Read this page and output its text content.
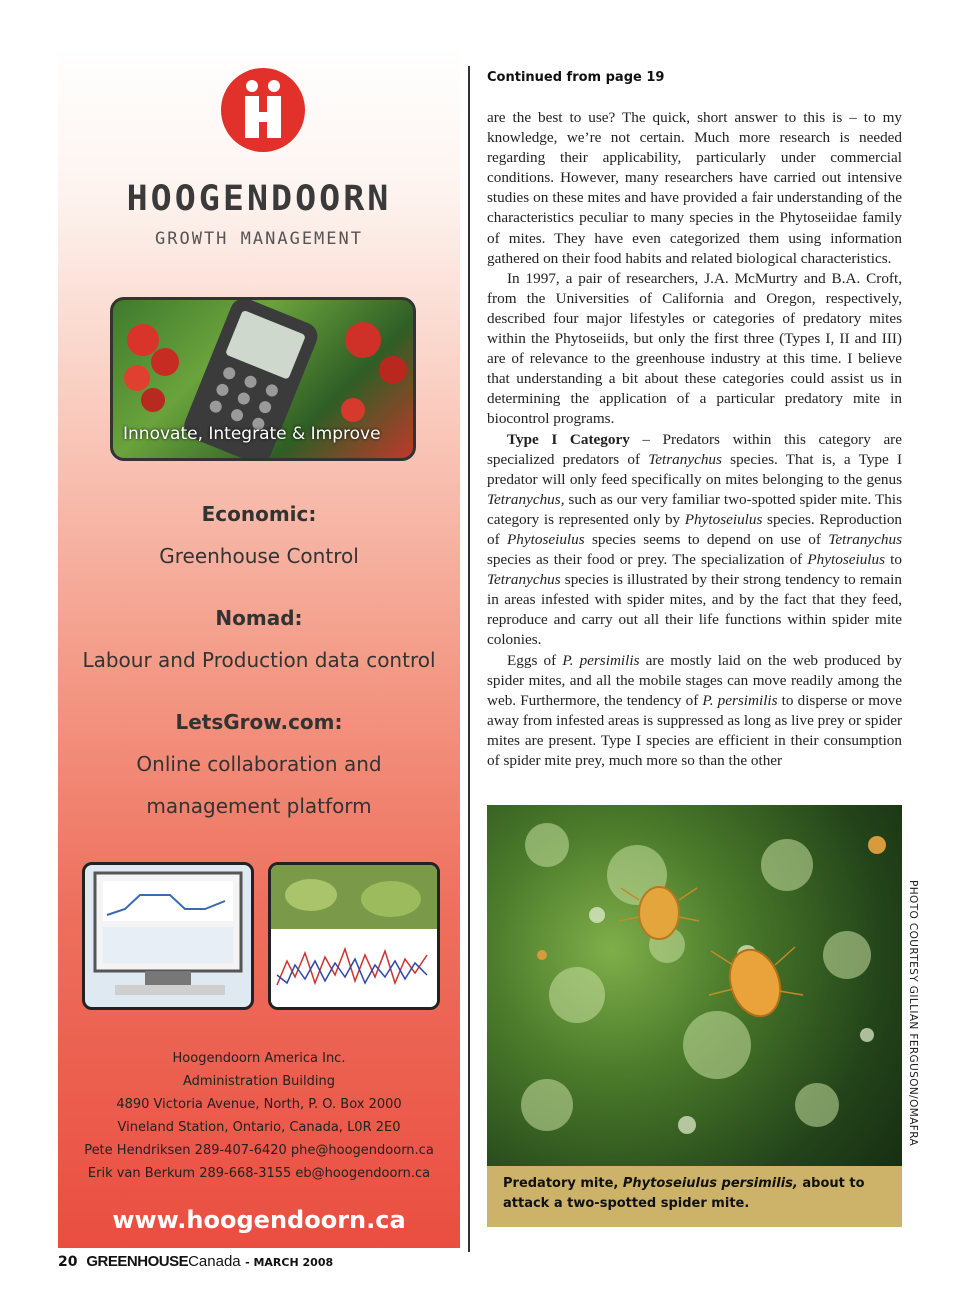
HOOGENDOORN
GROWTH MANAGEMENT
Innovate, Integrate & Improve
Economic:
Greenhouse Control
Nomad:
Labour and Production data control
LetsGrow.com:
Online collaboration and
management platform
Hoogendoorn America Inc.
Administration Building
4890 Victoria Avenue, North, P. O. Box 2000
Vineland Station, Ontario, Canada, L0R 2E0
Pete Hendriksen 289-407-6420 phe@hoogendoorn.ca
Erik van Berkum 289-668-3155 eb@hoogendoorn.ca
www.hoogendoorn.ca
Continued from page 19

are the best to use? The quick, short answer to this is – to my knowledge, we’re not certain. Much more research is needed regarding their applicability, particularly under commercial conditions. However, many researchers have carried out intensive studies on these mites and have provided a fair understanding of the characteristics peculiar to many species in the Phytoseiidae family of mites. They have even categorized them using information gathered on their food habits and related biological characteristics.

In 1997, a pair of researchers, J.A. McMurtry and B.A. Croft, from the Universities of California and Oregon, respectively, described four major lifestyles or categories of predatory mites within the Phytoseiids, but only the first three (Types I, II and III) are of relevance to the greenhouse industry at this time. I believe that understanding a bit about these categories could assist us in determining the application of a particular predatory mite in biocontrol programs.

Type I Category – Predators within this category are specialized predators of Tetranychus species. That is, a Type I predator will only feed specifically on mites belonging to the genus Tetranychus, such as our very familiar two-spotted spider mite. This category is represented only by Phytoseiulus species. Reproduction of Phytoseiulus species seems to depend on use of Tetranychus species as their food or prey. The specialization of Phytoseiulus to Tetranychus species is illustrated by their strong tendency to remain in areas infested with spider mites, and by the fact that they feed, reproduce and carry out all their life functions within spider mite colonies.

Eggs of P. persimilis are mostly laid on the web produced by spider mites, and all the mobile stages can move readily among the web. Furthermore, the tendency of P. persimilis to disperse or move away from infested areas is suppressed as long as live prey or spider mites are present. Type I species are efficient in their consumption of spider mite prey, much more so than the other

PHOTO COURTESY GILLIAN FERGUSON/OMAFRA
Predatory mite, Phytoseiulus persimilis, about to attack a two-spotted spider mite.
20 GREENHOUSECanada - MARCH 2008
